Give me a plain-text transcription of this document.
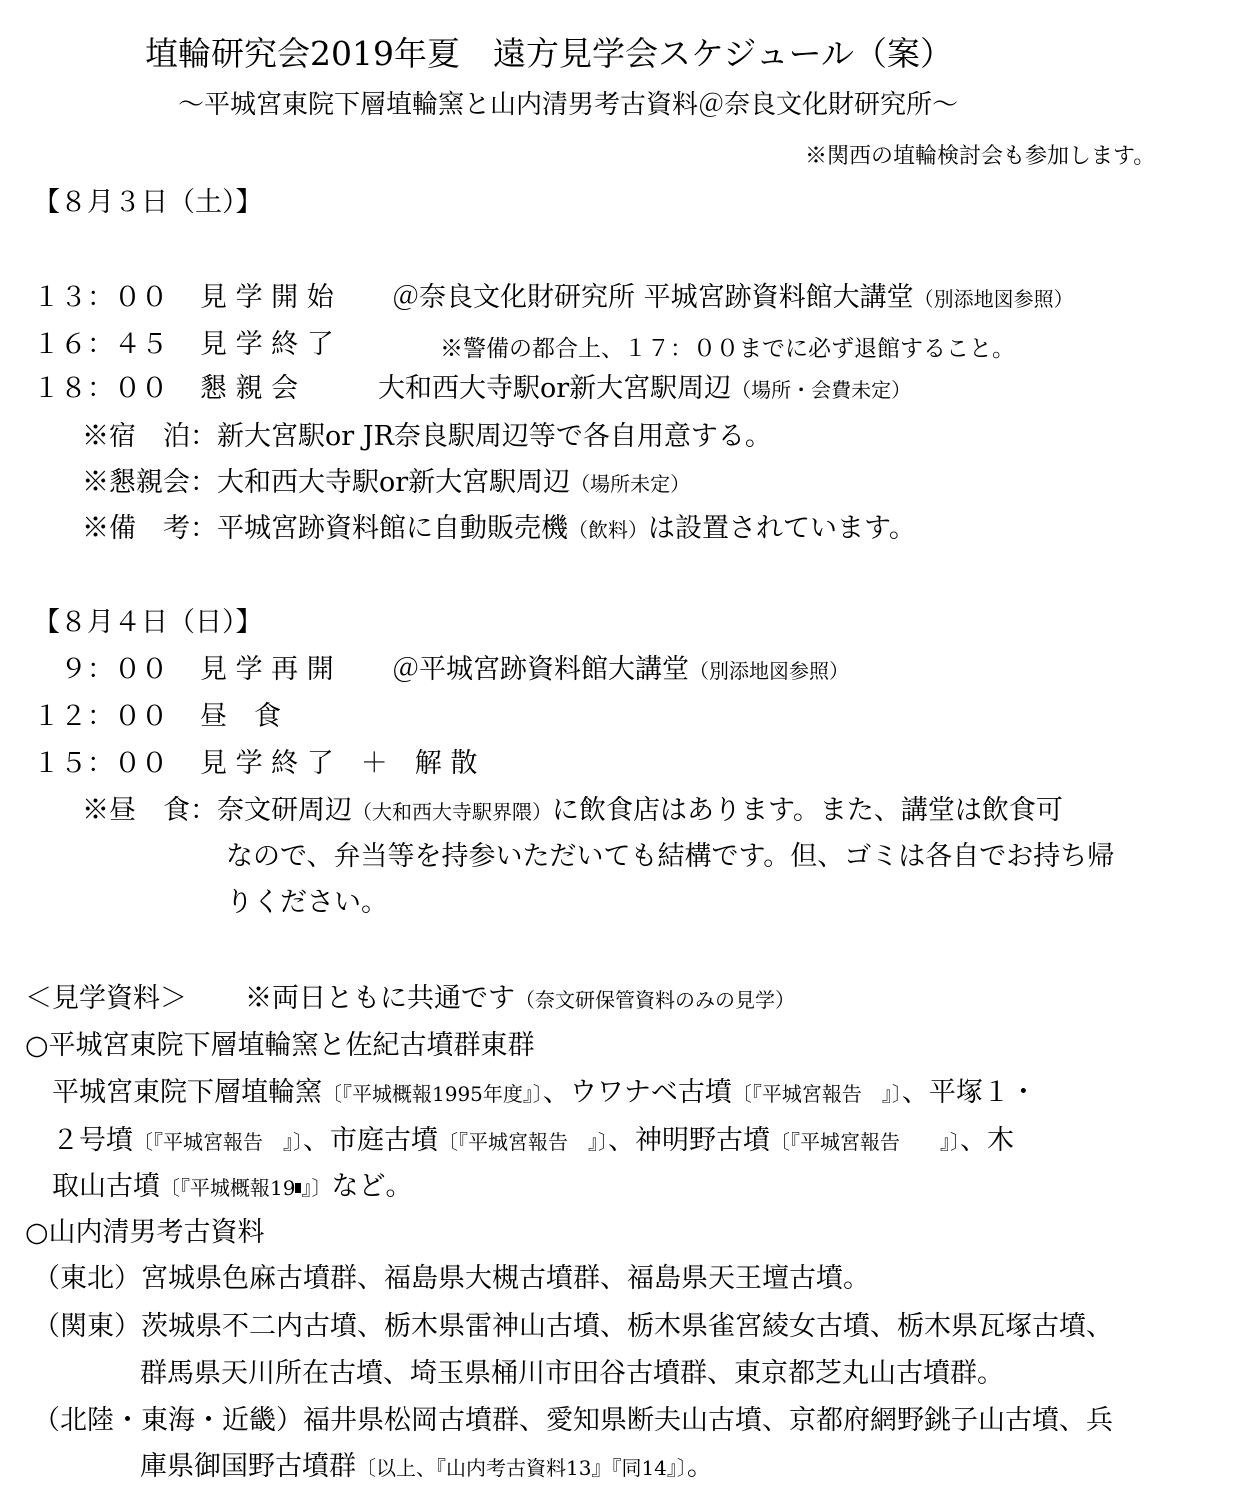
埴輪研究会2019年夏　遠方見学会スケジュール（案）
～平城宮東院下層埴輪窯と山内清男考古資料＠奈良文化財研究所～
※関西の埴輪検討会も参加します。
【８月３日（土）】
１３：００ 見 学 開 始 ＠奈良文化財研究所 平城宮跡資料館大講堂（別添地図参照）
１６：４５ 見 学 終 了	※警備の都合上、１７：００までに必ず退館すること。
１８：００ 懇 親 会	大和西大寺駅or新大宮駅周辺（場所・会費未定）
※宿　泊：新大宮駅or JR奈良駅周辺等で各自用意する。
※懇親会：大和西大寺駅or新大宮駅周辺（場所未定）
※備　考：平城宮跡資料館に自動販売機（飲料）は設置されています。
【８月４日（日）】
　９：００ 見 学 再 開 ＠平城宮跡資料館大講堂（別添地図参照）
１２：００ 昼　食
１５：００ 見 学 終 了　＋　解 散
※昼　食：奈文研周辺（大和西大寺駅界隈）に飲食店はあります。また、講堂は飲食可
なので、弁当等を持参いただいても結構です。但、ゴミは各自でお持ち帰
りください。
＜見学資料＞ ※両日ともに共通です（奈文研保管資料のみの見学）
○平城宮東院下層埴輪窯と佐紀古墳群東群
平城宮東院下層埴輪窯〔『平城概報1995年度』〕、ウワナベ古墳〔『平城宮報告　』〕、平塚１・
２号墳〔『平城宮報告　』〕、市庭古墳〔『平城宮報告　』〕、神明野古墳〔『平城宮報告　　』〕、木
取山古墳〔『平城概報19 』〕など。
○山内清男考古資料
（東北）宮城県色麻古墳群、福島県大槻古墳群、福島県天王壇古墳。
（関東）茨城県不二内古墳、栃木県雷神山古墳、栃木県雀宮綾女古墳、栃木県瓦塚古墳、
群馬県天川所在古墳、埼玉県桶川市田谷古墳群、東京都芝丸山古墳群。
（北陸・東海・近畿）福井県松岡古墳群、愛知県断夫山古墳、京都府網野銚子山古墳、兵
庫県御国野古墳群〔以上、『山内考古資料13』『同14』〕。
